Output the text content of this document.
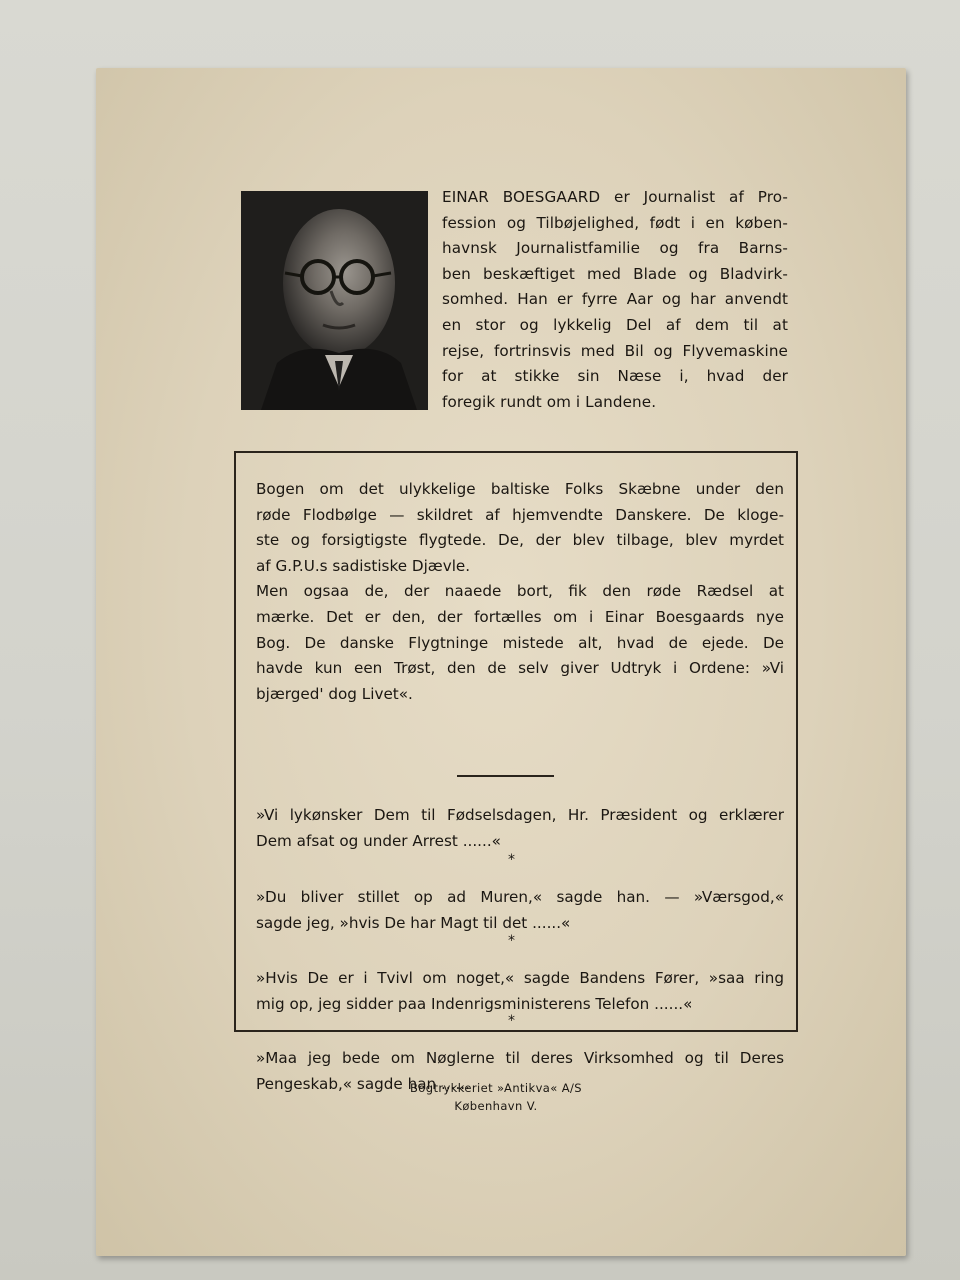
EINAR BOESGAARD er Journalist af Pro-
fession og Tilbøjelighed, født i en køben-
havnsk Journalistfamilie og fra Barns-
ben beskæftiget med Blade og Bladvirk-
somhed. Han er fyrre Aar og har anvendt
en stor og lykkelig Del af dem til at
rejse, fortrinsvis med Bil og Flyvemaskine
for at stikke sin Næse i, hvad der
foregik rundt om i Landene.
Bogen om det ulykkelige baltiske Folks Skæbne under den
røde Flodbølge — skildret af hjemvendte Danskere. De kloge-
ste og forsigtigste flygtede. De, der blev tilbage, blev myrdet
af G.P.U.s sadistiske Djævle.
Men ogsaa de, der naaede bort, fik den røde Rædsel at
mærke. Det er den, der fortælles om i Einar Boesgaards nye
Bog. De danske Flygtninge mistede alt, hvad de ejede. De
havde kun een Trøst, den de selv giver Udtryk i Ordene: »Vi
bjærged' dog Livet«.
»Vi lykønsker Dem til Fødselsdagen, Hr. Præsident og erklærer
Dem afsat og under Arrest ......«
*
»Du bliver stillet op ad Muren,« sagde han. — »Værsgod,«
sagde jeg, »hvis De har Magt til det ......«
*
»Hvis De er i Tvivl om noget,« sagde Bandens Fører, »saa ring
mig op, jeg sidder paa Indenrigsministerens Telefon ......«
*
»Maa jeg bede om Nøglerne til deres Virksomhed og til Deres
Pengeskab,« sagde han ......
Bogtrykkeriet »Antikva« A/S
København V.
